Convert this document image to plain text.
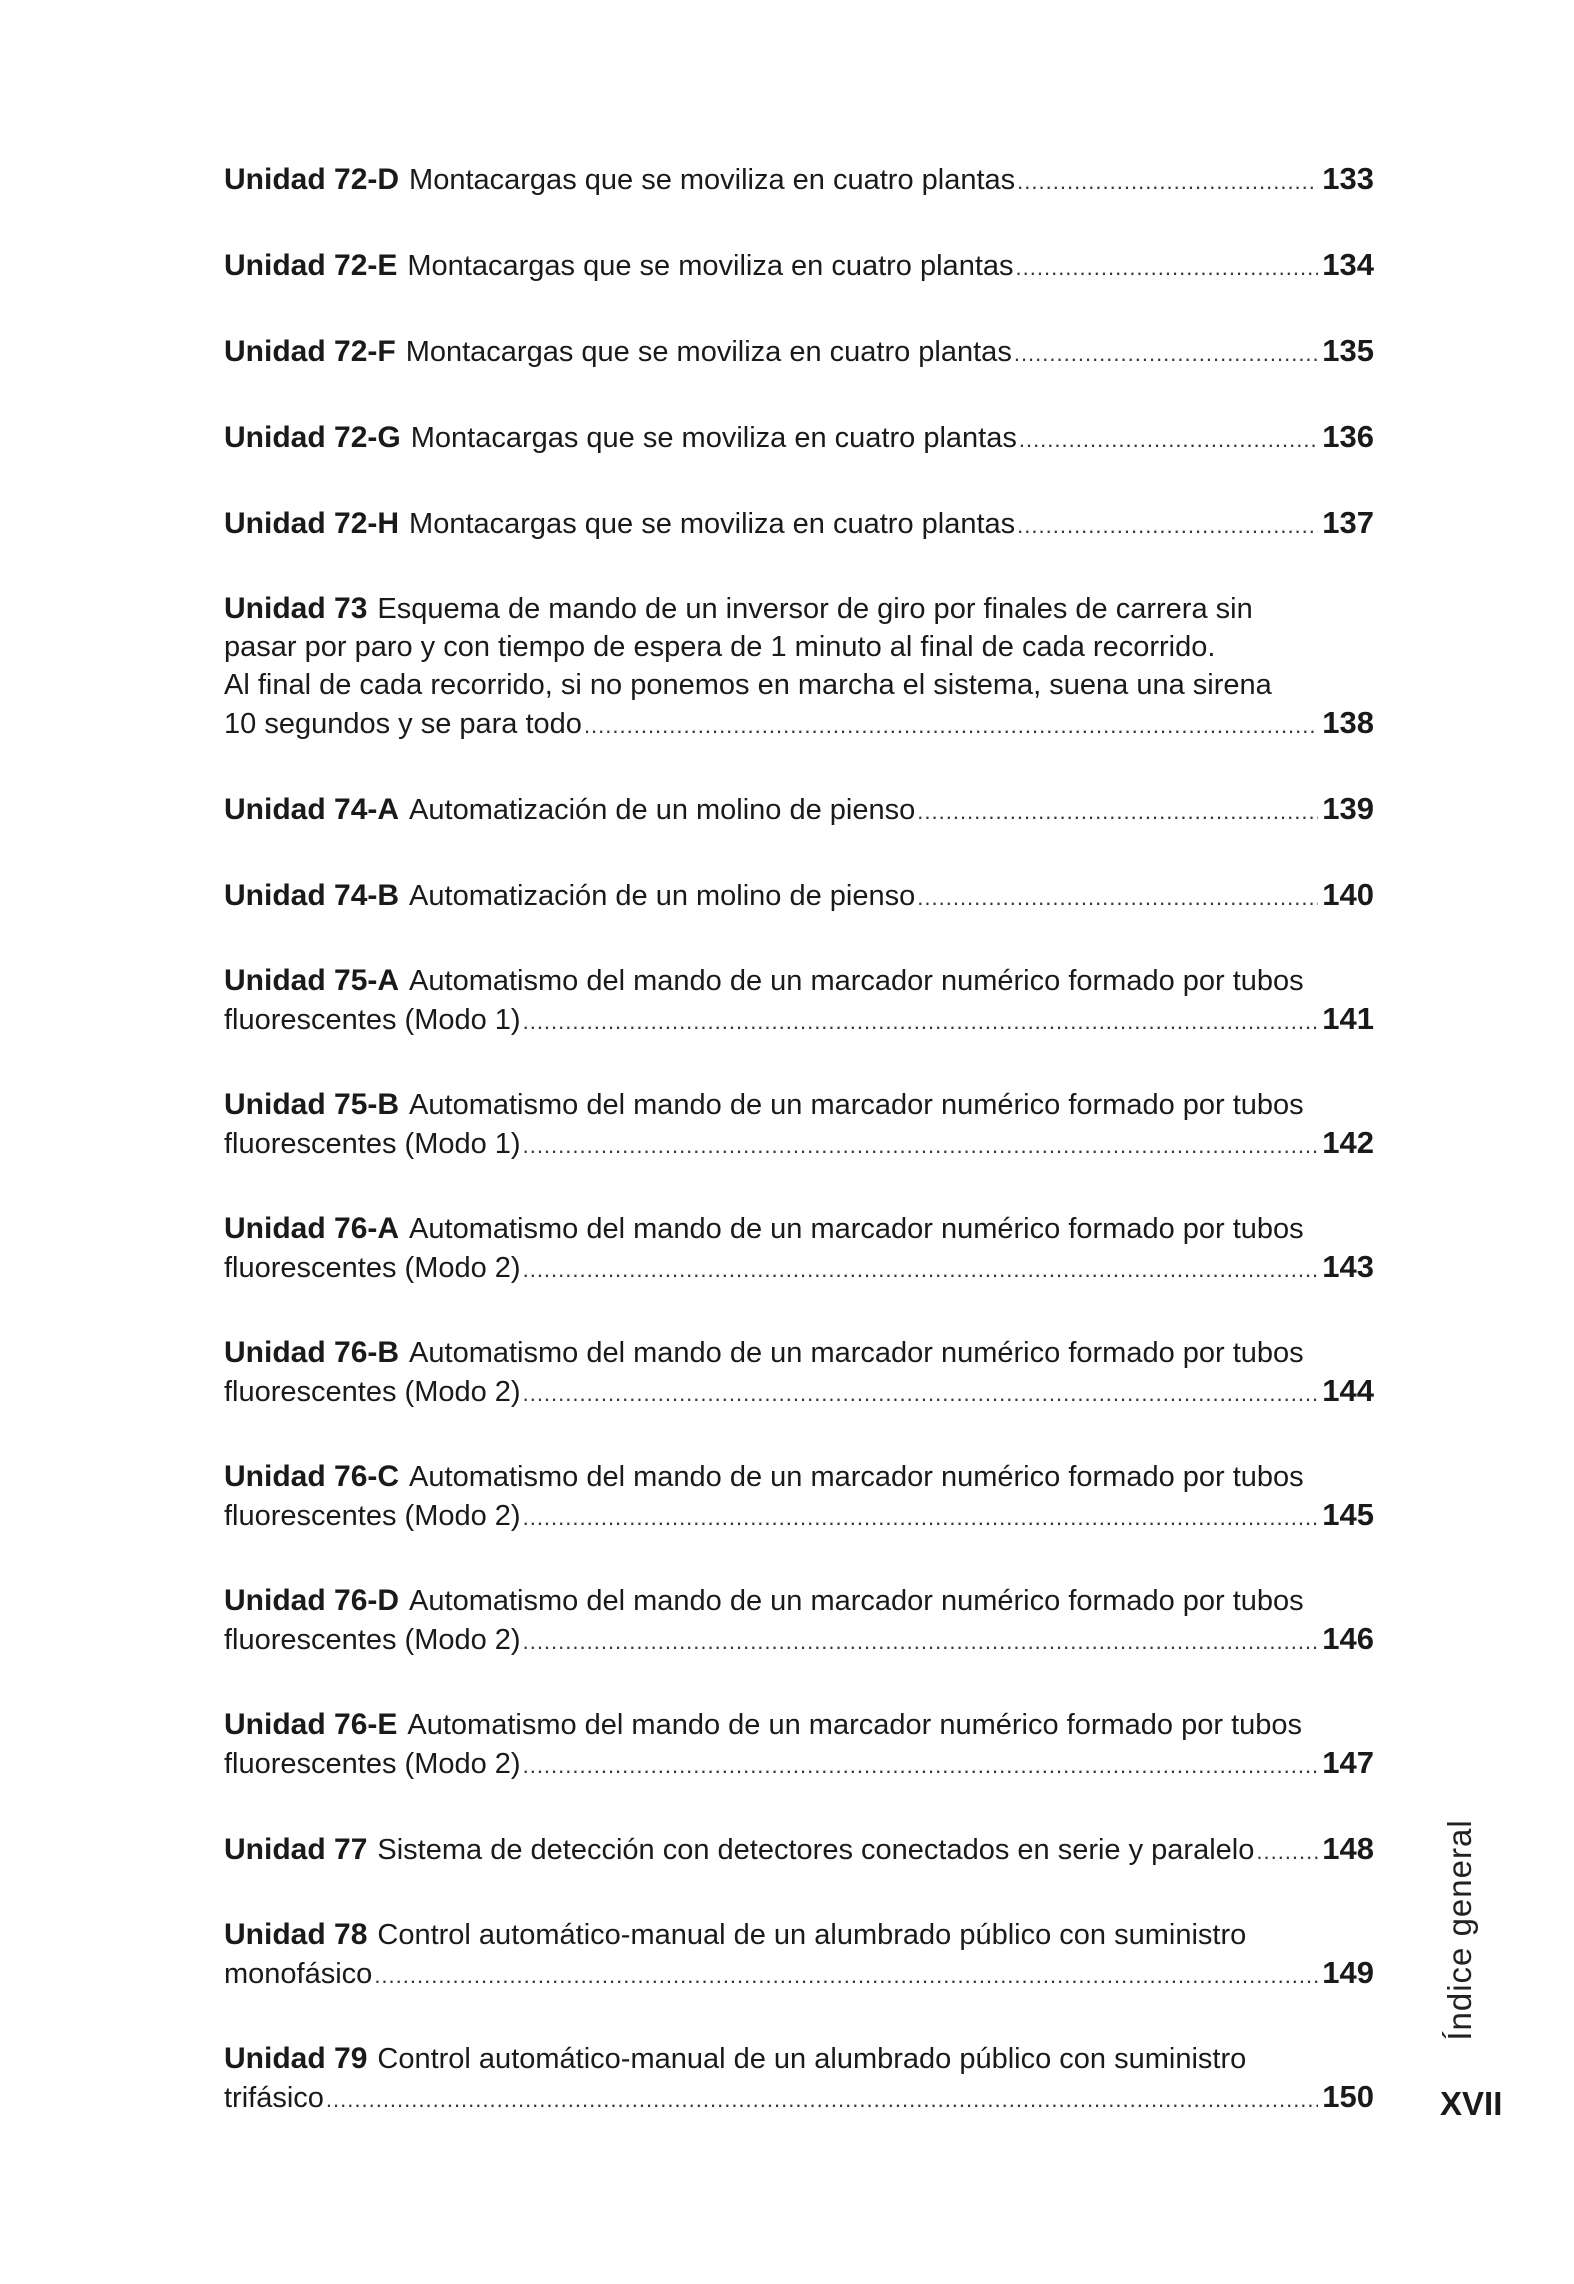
Unidad 72-D Montacargas que se moviliza en cuatro plantas .....	133
Unidad 72-E Montacargas que se moviliza en cuatro plantas .....	134
Unidad 72-F Montacargas que se moviliza en cuatro plantas .....	135
Unidad 72-G Montacargas que se moviliza en cuatro plantas .....	136
Unidad 72-H Montacargas que se moviliza en cuatro plantas .....	137
Unidad 73 Esquema de mando de un inversor de giro por finales de carrera sin
pasar por paro y con tiempo de espera de 1 minuto al final de cada recorrido.
Al final de cada recorrido, si no ponemos en marcha el sistema, suena una sirena
10 segundos y se para todo .....	138
Unidad 74-A Automatización de un molino de pienso .....	139
Unidad 74-B Automatización de un molino de pienso .....	140
Unidad 75-A Automatismo del mando de un marcador numérico formado por tubos
fluorescentes (Modo 1) .....	141
Unidad 75-B Automatismo del mando de un marcador numérico formado por tubos
fluorescentes (Modo 1) .....	142
Unidad 76-A Automatismo del mando de un marcador numérico formado por tubos
fluorescentes (Modo 2) .....	143
Unidad 76-B Automatismo del mando de un marcador numérico formado por tubos
fluorescentes (Modo 2) .....	144
Unidad 76-C Automatismo del mando de un marcador numérico formado por tubos
fluorescentes (Modo 2) .....	145
Unidad 76-D Automatismo del mando de un marcador numérico formado por tubos
fluorescentes (Modo 2) .....	146
Unidad 76-E Automatismo del mando de un marcador numérico formado por tubos
fluorescentes (Modo 2) .....	147
Unidad 77 Sistema de detección con detectores conectados en serie y paralelo ..... 148
Unidad 78 Control automático-manual de un alumbrado público con suministro
monofásico .....	149
Unidad 79 Control automático-manual de un alumbrado público con suministro
trifásico .....	150
Índice general
XVII
